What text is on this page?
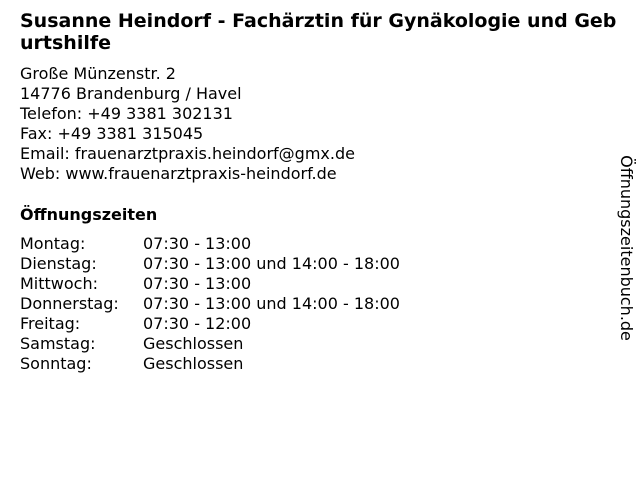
Susanne Heindorf - Fachärztin für Gynäkologie und Geburtshilfe
Große Münzenstr. 2
14776 Brandenburg / Havel
Telefon: +49 3381 302131
Fax: +49 3381 315045
Email: frauenarztpraxis.heindorf@gmx.de
Web: www.frauenarztpraxis-heindorf.de
Öffnungszeiten
Montag:	07:30 - 13:00
Dienstag:	07:30 - 13:00 und 14:00 - 18:00
Mittwoch:	07:30 - 13:00
Donnerstag:	07:30 - 13:00 und 14:00 - 18:00
Freitag:	07:30 - 12:00
Samstag:	Geschlossen
Sonntag:	Geschlossen
Öffnungszeitenbuch.de
